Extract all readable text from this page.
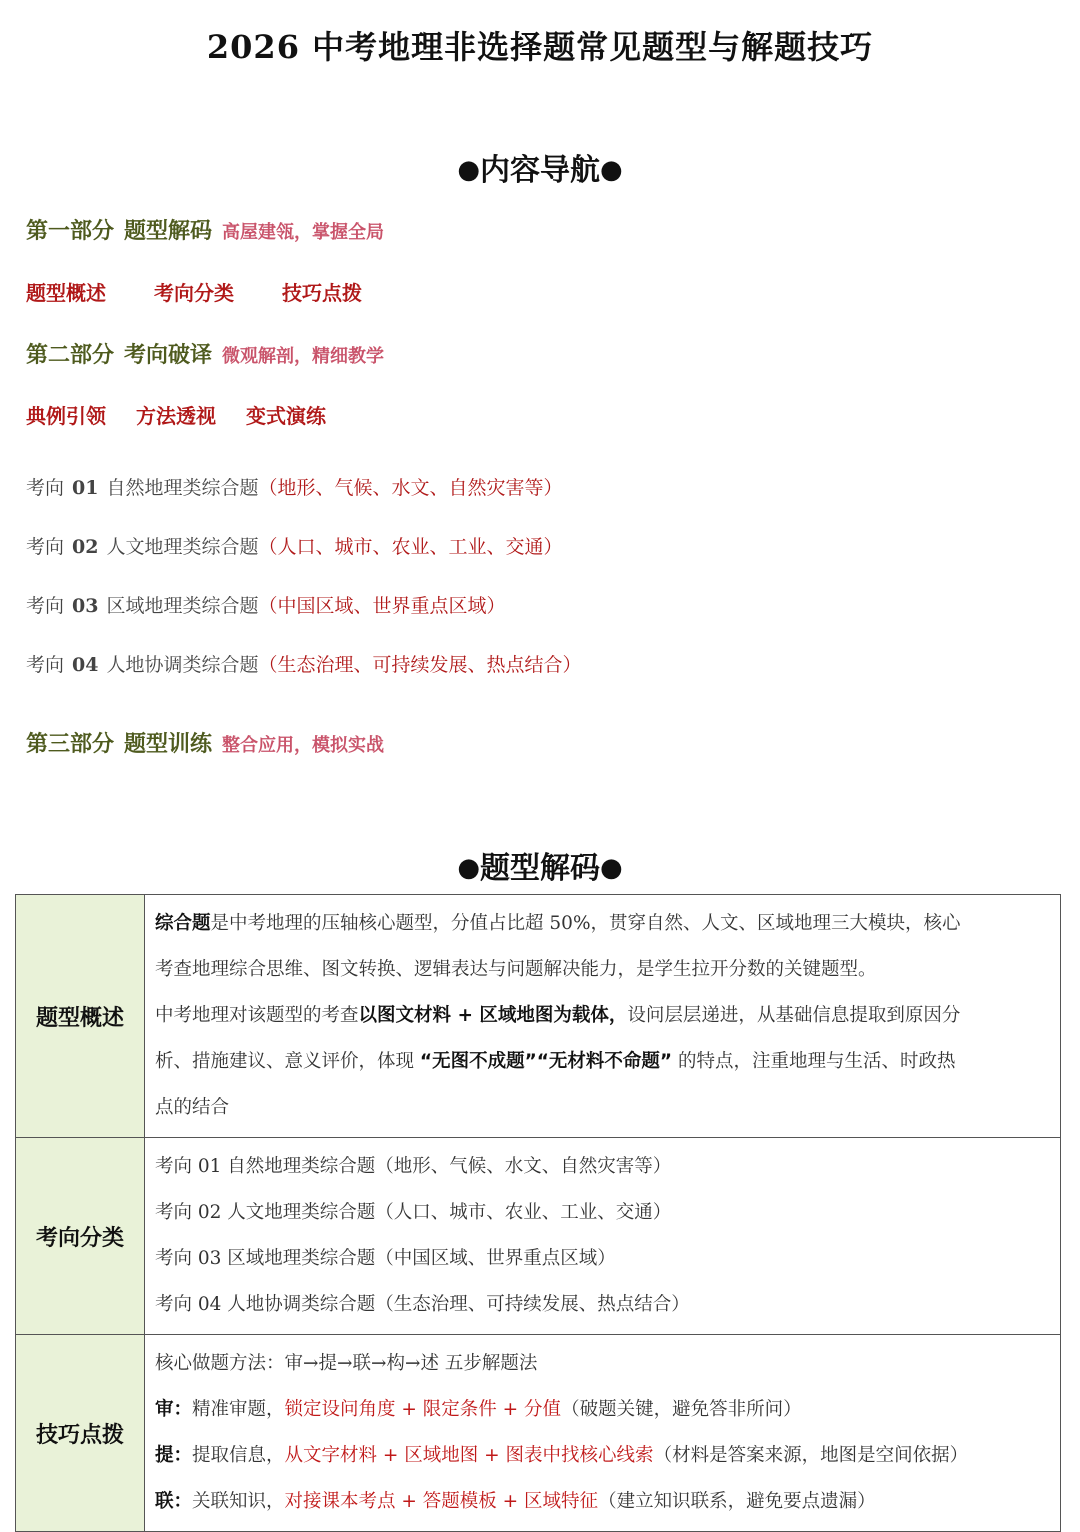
2026 中考地理非选择题常见题型与解题技巧
●内容导航●
第一部分 题型解码 高屋建瓴，掌握全局
题型概述 考向分类 技巧点拨
第二部分 考向破译 微观解剖，精细教学
典例引领 方法透视 变式演练
考向 01 自然地理类综合题（地形、气候、水文、自然灾害等）
考向 02 人文地理类综合题（人口、城市、农业、工业、交通）
考向 03 区域地理类综合题（中国区域、世界重点区域）
考向 04 人地协调类综合题（生态治理、可持续发展、热点结合）
第三部分 题型训练 整合应用，模拟实战
●题型解码●
题型概述	综合题是中考地理的压轴核心题型，分值占比超 50%，贯穿自然、人文、区域地理三大模块，核心
考查地理综合思维、图文转换、逻辑表达与问题解决能力，是学生拉开分数的关键题型。
中考地理对该题型的考查以图文材料 + 区域地图为载体，设问层层递进，从基础信息提取到原因分
析、措施建议、意义评价，体现 “无图不成题”“无材料不命题” 的特点，注重地理与生活、时政热
点的结合

考向分类	考向 01 自然地理类综合题（地形、气候、水文、自然灾害等）
考向 02 人文地理类综合题（人口、城市、农业、工业、交通）
考向 03 区域地理类综合题（中国区域、世界重点区域）
考向 04 人地协调类综合题（生态治理、可持续发展、热点结合）

技巧点拨	核心做题方法：审→提→联→构→述 五步解题法
审：精准审题，锁定设问角度 + 限定条件 + 分值（破题关键，避免答非所问）
提：提取信息，从文字材料 + 区域地图 + 图表中找核心线索（材料是答案来源，地图是空间依据）
联：关联知识，对接课本考点 + 答题模板 + 区域特征（建立知识联系，避免要点遗漏）
